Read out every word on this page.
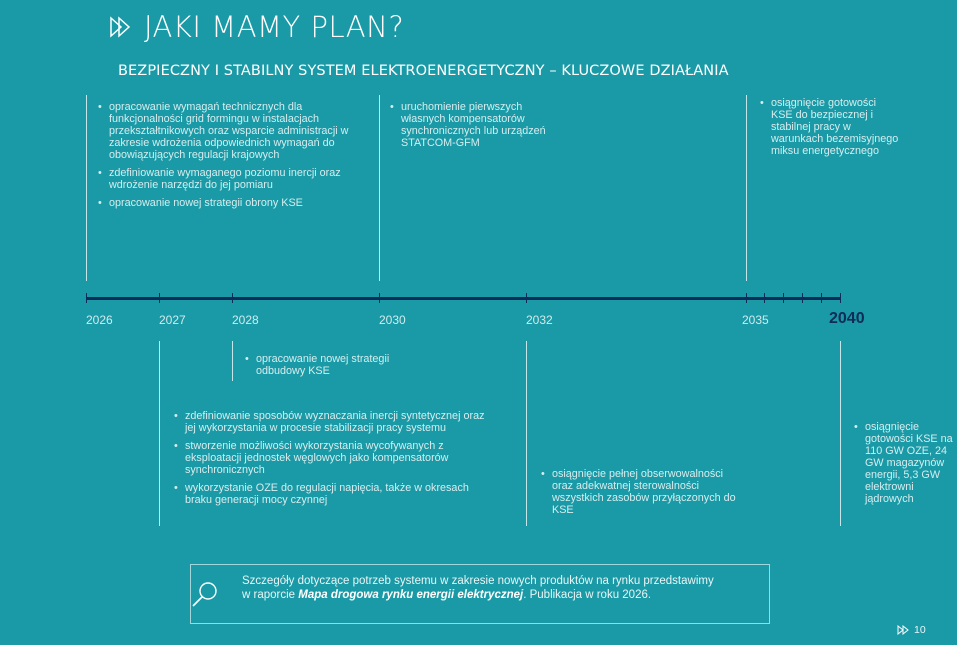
JAKI MAMY PLAN?
BEZPIECZNY I STABILNY SYSTEM ELEKTROENERGETYCZNY – KLUCZOWE DZIAŁANIA
• opracowanie wymagań technicznych dla funkcjonalności grid formingu w instalacjach przekształtnikowych oraz wsparcie administracji w zakresie wdrożenia odpowiednich wymagań do obowiązujących regulacji krajowych
• zdefiniowanie wymaganego poziomu inercji oraz wdrożenie narzędzi do jej pomiaru
• opracowanie nowej strategii obrony KSE
• uruchomienie pierwszych własnych kompensatorów synchronicznych lub urządzeń STATCOM-GFM
• osiągnięcie gotowości KSE do bezpiecznej i stabilnej pracy w warunkach bezemisyjnego miksu energetycznego
2026	2027	2028	2030	2032	2035	2040
• opracowanie nowej strategii odbudowy KSE
• zdefiniowanie sposobów wyznaczania inercji syntetycznej oraz jej wykorzystania w procesie stabilizacji pracy systemu
• stworzenie możliwości wykorzystania wycofywanych z eksploatacji jednostek węglowych jako kompensatorów synchronicznych
• wykorzystanie OZE do regulacji napięcia, także w okresach braku generacji mocy czynnej
• osiągnięcie pełnej obserwowalności oraz adekwatnej sterowalności wszystkich zasobów przyłączonych do KSE
• osiągnięcie gotowości KSE na 110 GW OZE, 24 GW magazynów energii, 5,3 GW elektrowni jądrowych
Szczegóły dotyczące potrzeb systemu w zakresie nowych produktów na rynku przedstawimy
w raporcie Mapa drogowa rynku energii elektrycznej. Publikacja w roku 2026.
10
